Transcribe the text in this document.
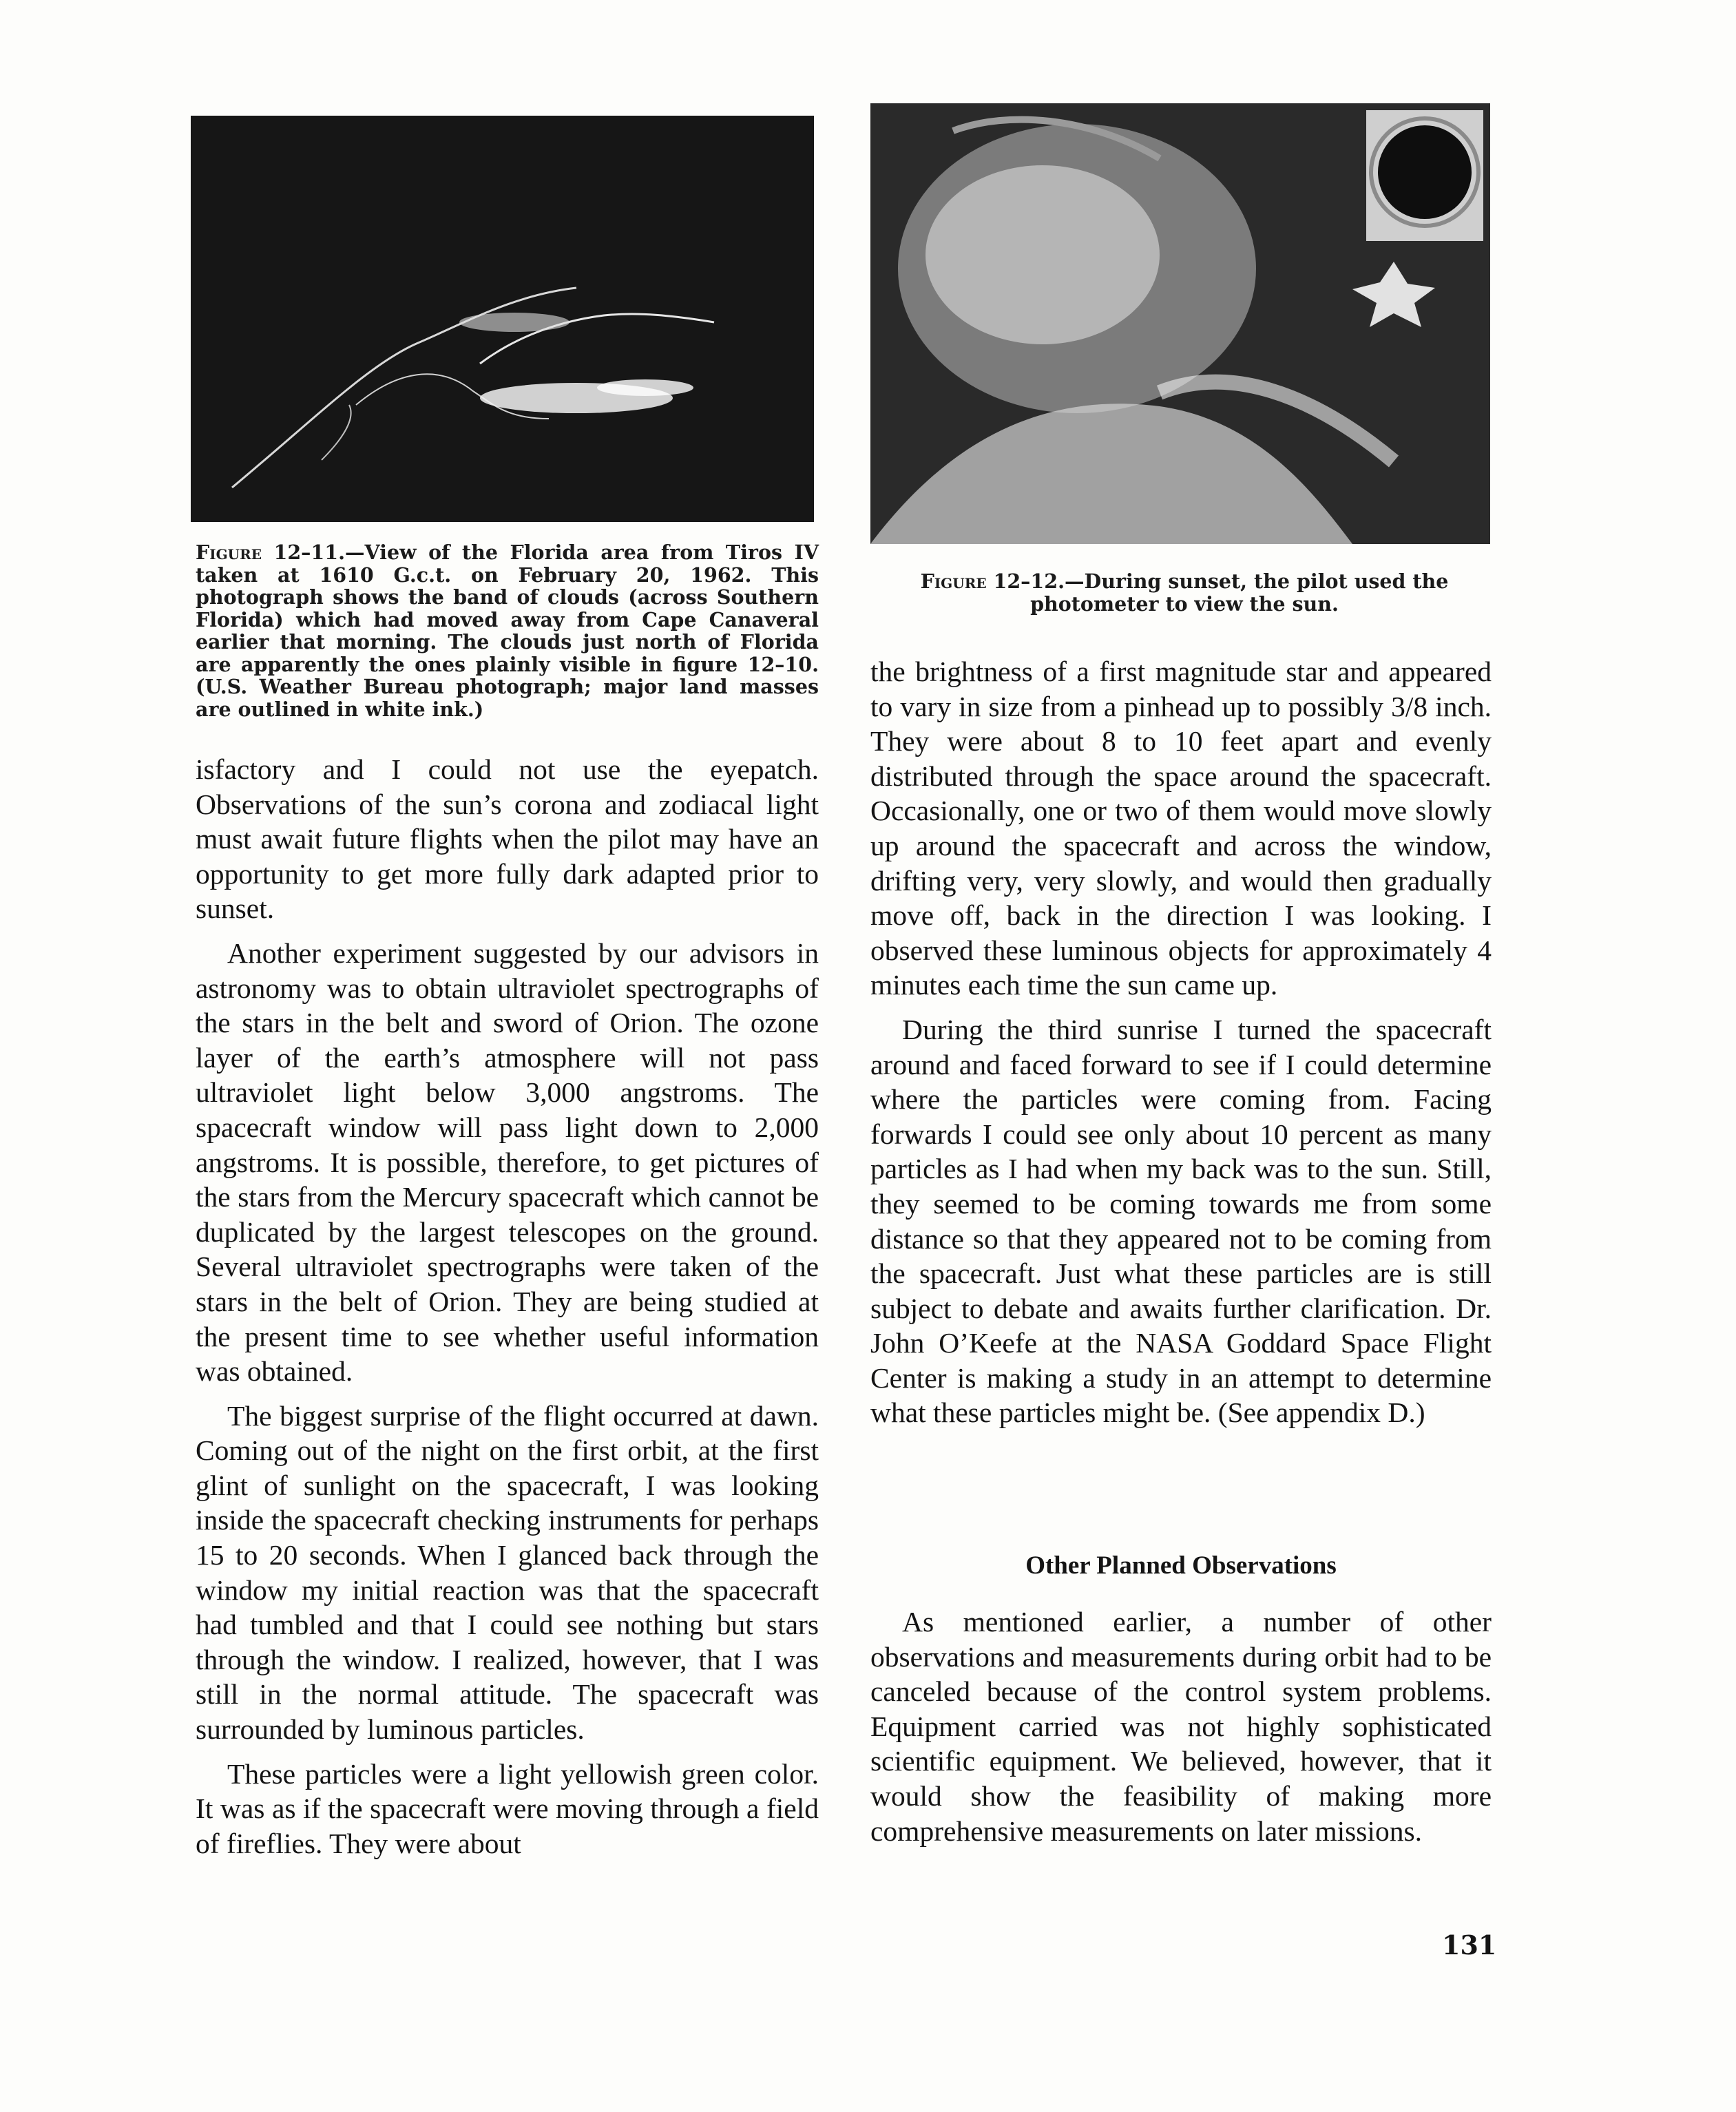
Figure 12–11.—View of the Florida area from Tiros IV taken at 1610 G.c.t. on February 20, 1962. This photograph shows the band of clouds (across Southern Florida) which had moved away from Cape Canaveral earlier that morning. The clouds just north of Florida are apparently the ones plainly visible in figure 12–10. (U.S. Weather Bureau photograph; major land masses are outlined in white ink.)
Figure 12–12.—During sunset, the pilot used the photometer to view the sun.

isfactory and I could not use the eyepatch. Observations of the sun’s corona and zodiacal light must await future flights when the pilot may have an opportunity to get more fully dark adapted prior to sunset.

Another experiment suggested by our advisors in astronomy was to obtain ultraviolet spectrographs of the stars in the belt and sword of Orion. The ozone layer of the earth’s atmosphere will not pass ultraviolet light below 3,000 angstroms. The spacecraft window will pass light down to 2,000 angstroms. It is possible, therefore, to get pictures of the stars from the Mercury spacecraft which cannot be duplicated by the largest telescopes on the ground. Several ultraviolet spectrographs were taken of the stars in the belt of Orion. They are being studied at the present time to see whether useful information was obtained.

The biggest surprise of the flight occurred at dawn. Coming out of the night on the first orbit, at the first glint of sunlight on the spacecraft, I was looking inside the spacecraft checking instruments for perhaps 15 to 20 seconds. When I glanced back through the window my initial reaction was that the spacecraft had tumbled and that I could see nothing but stars through the window. I realized, however, that I was still in the normal attitude. The spacecraft was surrounded by luminous particles.

These particles were a light yellowish green color. It was as if the spacecraft were moving through a field of fireflies. They were about

the brightness of a first magnitude star and appeared to vary in size from a pinhead up to possibly 3/8 inch. They were about 8 to 10 feet apart and evenly distributed through the space around the spacecraft. Occasionally, one or two of them would move slowly up around the spacecraft and across the window, drifting very, very slowly, and would then gradually move off, back in the direction I was looking. I observed these luminous objects for approximately 4 minutes each time the sun came up.

During the third sunrise I turned the spacecraft around and faced forward to see if I could determine where the particles were coming from. Facing forwards I could see only about 10 percent as many particles as I had when my back was to the sun. Still, they seemed to be coming towards me from some distance so that they appeared not to be coming from the spacecraft. Just what these particles are is still subject to debate and awaits further clarification. Dr. John O’Keefe at the NASA Goddard Space Flight Center is making a study in an attempt to determine what these particles might be. (See appendix D.)

Other Planned Observations

As mentioned earlier, a number of other observations and measurements during orbit had to be canceled because of the control system problems. Equipment carried was not highly sophisticated scientific equipment. We believed, however, that it would show the feasibility of making more comprehensive measurements on later missions.

131
